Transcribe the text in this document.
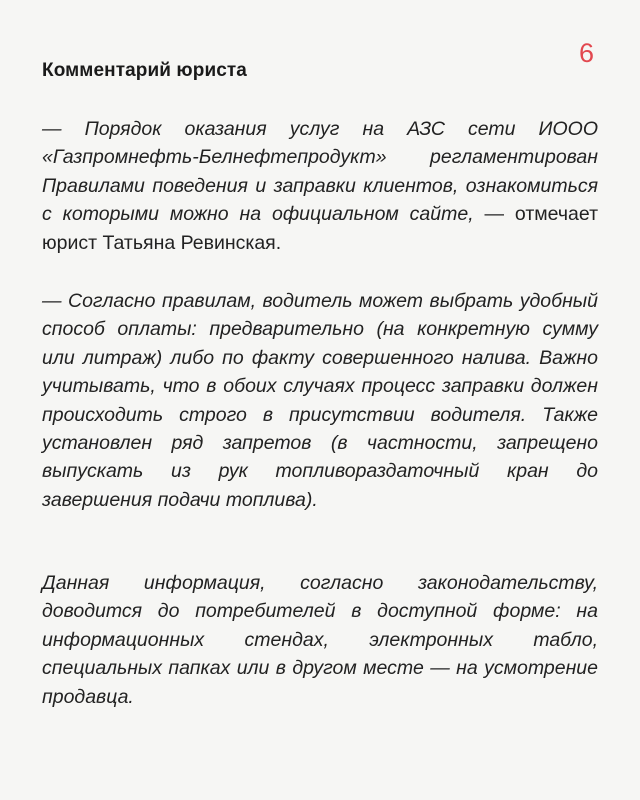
Комментарий юриста
6

— Порядок оказания услуг на АЗС сети ИООО «Газпромнефть-Белнефтепродукт» регламентирован Правилами поведения и заправки клиентов, ознакомиться с которыми можно на официальном сайте, — отмечает юрист Татьяна Ревинская.

— Согласно правилам, водитель может выбрать удобный способ оплаты: предварительно (на конкретную сумму или литраж) либо по факту совершенного налива. Важно учитывать, что в обоих случаях процесс заправки должен происходить строго в присутствии водителя. Также установлен ряд запретов (в частности, запрещено выпускать из рук топливораздаточный кран до завершения подачи топлива).

Данная информация, согласно законодательству, доводится до потребителей в доступной форме: на информационных стендах, электронных табло, специальных папках или в другом месте — на усмотрение продавца.
